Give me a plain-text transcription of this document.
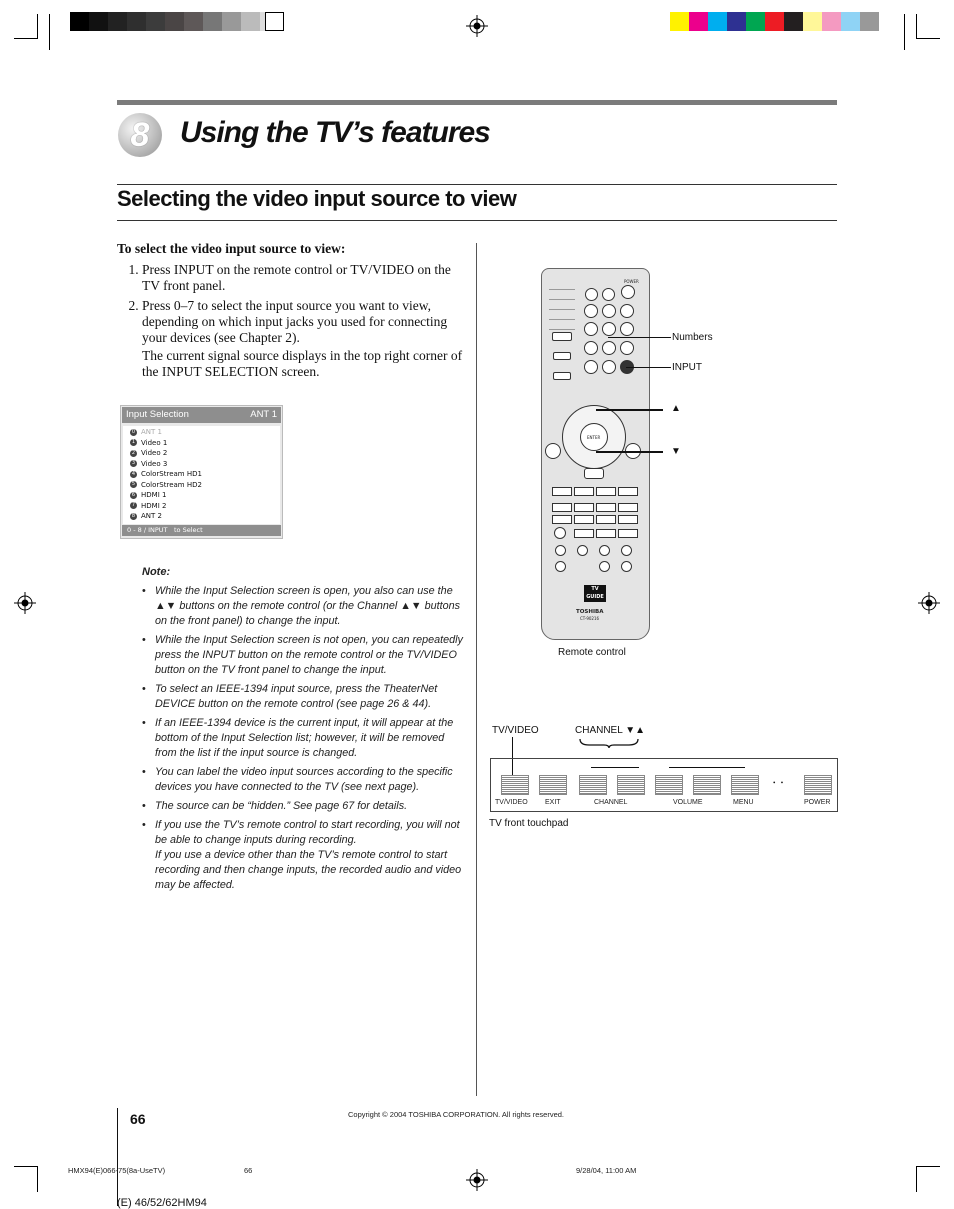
8	Using the TV’s features
Selecting the video input source to view
To select the video input source to view:
1. Press INPUT on the remote control or TV/VIDEO on the TV front panel.
2. Press 0–7 to select the input source you want to view, depending on which input jacks you used for connecting your devices (see Chapter 2).

The current signal source displays in the top right corner of the INPUT SELECTION screen.

Input Selection	ANT 1
0 ANT 1
1 Video 1
2 Video 2
3 Video 3
4 ColorStream HD1
5 ColorStream HD2
6 HDMI 1
7 HDMI 2
8 ANT 2
0 - 8 / INPUT to Select
Note:
• While the Input Selection screen is open, you also can use the ▲▼ buttons on the remote control (or the Channel ▲▼ buttons on the front panel) to change the input.
• While the Input Selection screen is not open, you can repeatedly press the INPUT button on the remote control or the TV/VIDEO button on the TV front panel to change the input.
• To select an IEEE-1394 input source, press the TheaterNet DEVICE button on the remote control (see page 26 & 44).
• If an IEEE-1394 device is the current input, it will appear at the bottom of the Input Selection list; however, it will be removed from the list if the input source is changed.
• You can label the video input sources according to the specific devices you have connected to the TV (see next page).
• The source can be “hidden.” See page 67 for details.
• If you use the TV’s remote control to start recording, you will not be able to change inputs during recording.
If you use a device other than the TV’s remote control to start recording and then change inputs, the recorded audio and video may be affected.
POWER
ENTER
TV GUIDE
TOSHIBA
CT-90216
Numbers
INPUT
▲
▼
Remote control
TV/VIDEO	CHANNEL ▼▲
•   •
TV/VIDEO EXIT	CHANNEL	VOLUME	MENU	POWER
TV front touchpad
66	Copyright © 2004 TOSHIBA CORPORATION. All rights reserved.
HMX94(E)066-75(8a-UseTV)	66	9/28/04, 11:00 AM
(E) 46/52/62HM94
